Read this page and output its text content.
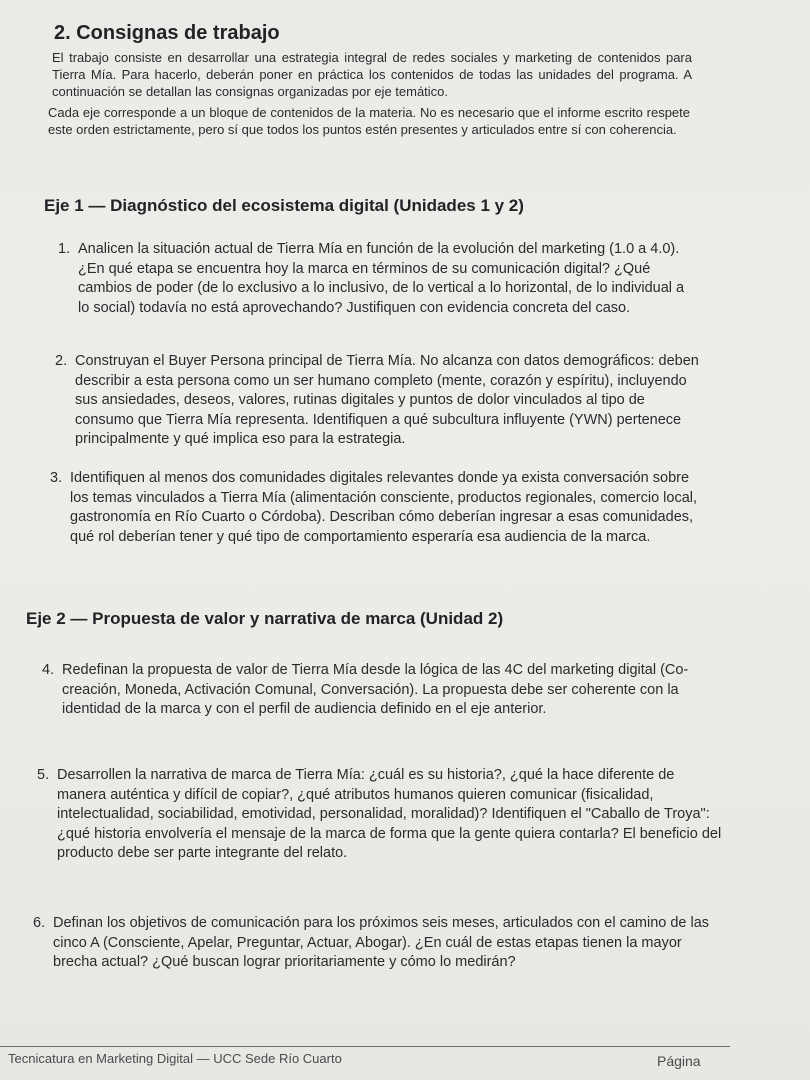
2. Consignas de trabajo

El trabajo consiste en desarrollar una estrategia integral de redes sociales y marketing de contenidos para Tierra Mía. Para hacerlo, deberán poner en práctica los contenidos de todas las unidades del programa. A continuación se detallan las consignas organizadas por eje temático.

Cada eje corresponde a un bloque de contenidos de la materia. No es necesario que el informe escrito respete este orden estrictamente, pero sí que todos los puntos estén presentes y articulados entre sí con coherencia.

Eje 1 — Diagnóstico del ecosistema digital (Unidades 1 y 2)
1. Analicen la situación actual de Tierra Mía en función de la evolución del marketing (1.0 a 4.0). ¿En qué etapa se encuentra hoy la marca en términos de su comunicación digital? ¿Qué cambios de poder (de lo exclusivo a lo inclusivo, de lo vertical a lo horizontal, de lo individual a lo social) todavía no está aprovechando? Justifiquen con evidencia concreta del caso.
2. Construyan el Buyer Persona principal de Tierra Mía. No alcanza con datos demográficos: deben describir a esta persona como un ser humano completo (mente, corazón y espíritu), incluyendo sus ansiedades, deseos, valores, rutinas digitales y puntos de dolor vinculados al tipo de consumo que Tierra Mía representa. Identifiquen a qué subcultura influyente (YWN) pertenece principalmente y qué implica eso para la estrategia.
3. Identifiquen al menos dos comunidades digitales relevantes donde ya exista conversación sobre los temas vinculados a Tierra Mía (alimentación consciente, productos regionales, comercio local, gastronomía en Río Cuarto o Córdoba). Describan cómo deberían ingresar a esas comunidades, qué rol deberían tener y qué tipo de comportamiento esperaría esa audiencia de la marca.
Eje 2 — Propuesta de valor y narrativa de marca (Unidad 2)
4. Redefinan la propuesta de valor de Tierra Mía desde la lógica de las 4C del marketing digital (Co-creación, Moneda, Activación Comunal, Conversación). La propuesta debe ser coherente con la identidad de la marca y con el perfil de audiencia definido en el eje anterior.
5. Desarrollen la narrativa de marca de Tierra Mía: ¿cuál es su historia?, ¿qué la hace diferente de manera auténtica y difícil de copiar?, ¿qué atributos humanos quieren comunicar (fisicalidad, intelectualidad, sociabilidad, emotividad, personalidad, moralidad)? Identifiquen el "Caballo de Troya": ¿qué historia envolvería el mensaje de la marca de forma que la gente quiera contarla? El beneficio del producto debe ser parte integrante del relato.
6. Definan los objetivos de comunicación para los próximos seis meses, articulados con el camino de las cinco A (Consciente, Apelar, Preguntar, Actuar, Abogar). ¿En cuál de estas etapas tienen la mayor brecha actual? ¿Qué buscan lograr prioritariamente y cómo lo medirán?
Tecnicatura en Marketing Digital — UCC Sede Río Cuarto	Página
